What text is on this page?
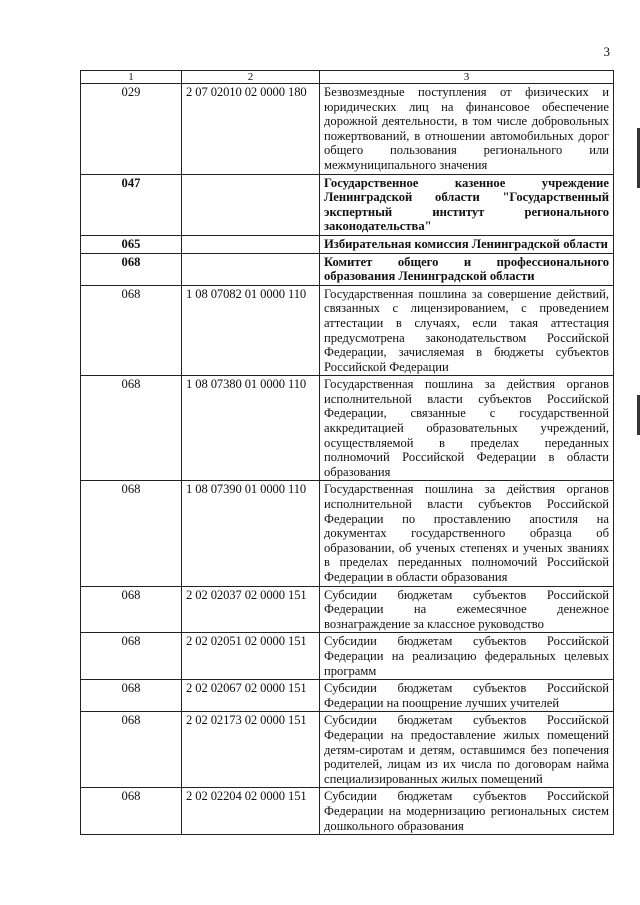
3
1	2	3
029	2 07 02010 02 0000 180	Безвозмездные поступления от физических и юридических лиц на финансовое обеспечение дорожной деятельности, в том числе добровольных пожертвований, в отношении автомобильных дорог общего пользования регионального или межмуниципального значения
047		Государственное казенное учреждение Ленинградской области "Государственный экспертный институт регионального законодательства"
065		Избирательная комиссия Ленинградской области
068		Комитет общего и профессионального образования Ленинградской области
068	1 08 07082 01 0000 110	Государственная пошлина за совершение действий, связанных с лицензированием, с проведением аттестации в случаях, если такая аттестация предусмотрена законодательством Российской Федерации, зачисляемая в бюджеты субъектов Российской Федерации
068	1 08 07380 01 0000 110	Государственная пошлина за действия органов исполнительной власти субъектов Российской Федерации, связанные с государственной аккредитацией образовательных учреждений, осуществляемой в пределах переданных полномочий Российской Федерации в области образования
068	1 08 07390 01 0000 110	Государственная пошлина за действия органов исполнительной власти субъектов Российской Федерации по проставлению апостиля на документах государственного образца об образовании, об ученых степенях и ученых званиях в пределах переданных полномочий Российской Федерации в области образования
068	2 02 02037 02 0000 151	Субсидии бюджетам субъектов Российской Федерации на ежемесячное денежное вознаграждение за классное руководство
068	2 02 02051 02 0000 151	Субсидии бюджетам субъектов Российской Федерации на реализацию федеральных целевых программ
068	2 02 02067 02 0000 151	Субсидии бюджетам субъектов Российской Федерации на поощрение лучших учителей
068	2 02 02173 02 0000 151	Субсидии бюджетам субъектов Российской Федерации на предоставление жилых помещений детям-сиротам и детям, оставшимся без попечения родителей, лицам из их числа по договорам найма специализированных жилых помещений
068	2 02 02204 02 0000 151	Субсидии бюджетам субъектов Российской Федерации на модернизацию региональных систем дошкольного образования
